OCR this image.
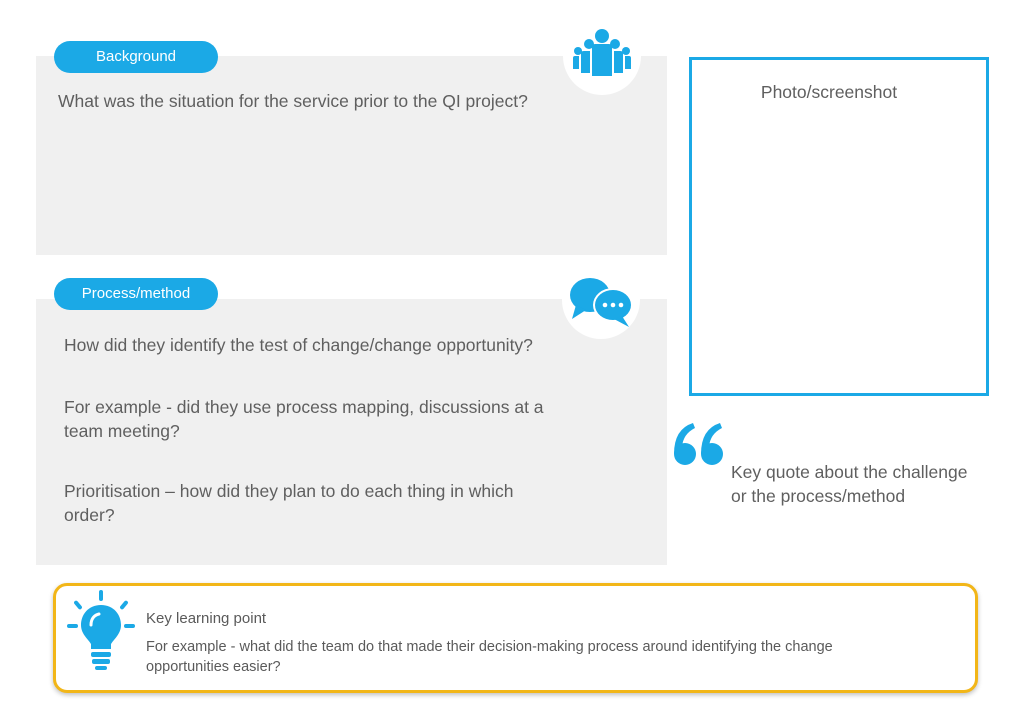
Background
What was the situation for the service prior to the QI project?
Process/method
How did they identify the test of change/change opportunity?
For example - did they use process mapping, discussions at a team meeting?
Prioritisation – how did they plan to do each thing in which order?
Photo/screenshot
Key quote about the challenge or the process/method
Key learning point
For example - what did the team do that made their decision-making process around identifying the change opportunities easier?
